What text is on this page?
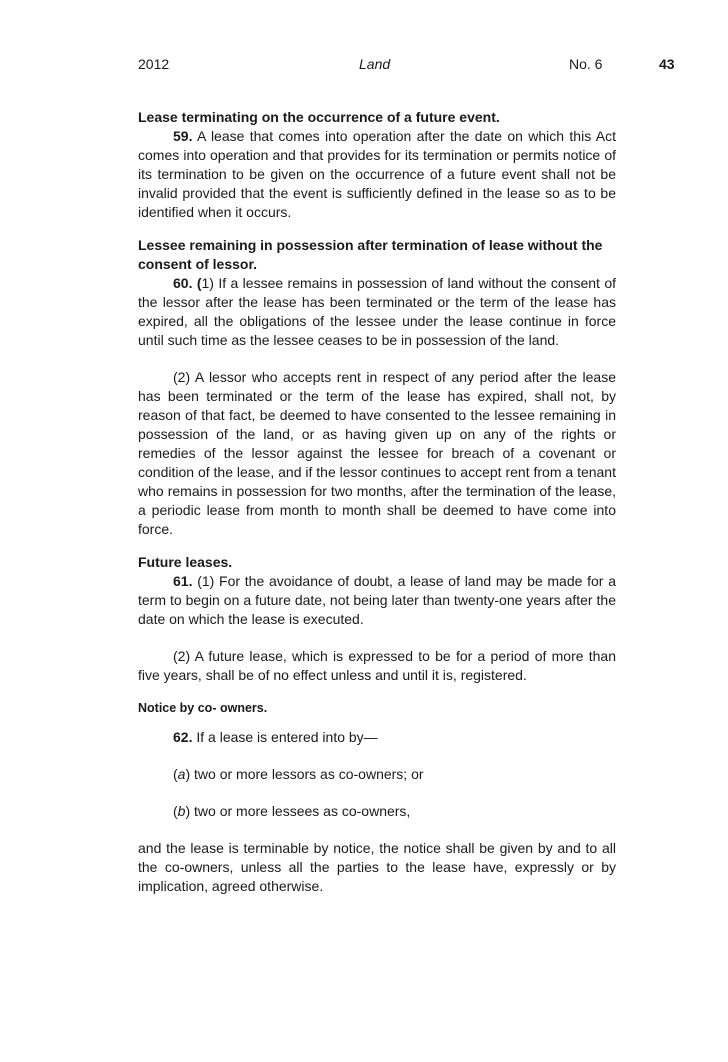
2012	Land	No. 6	43
Lease terminating on the occurrence of a future event.

59. A lease that comes into operation after the date on which this Act comes into operation and that provides for its termination or permits notice of its termination to be given on the occurrence of a future event shall not be invalid provided that the event is sufficiently defined in the lease so as to be identified when it occurs.

Lessee remaining in possession after termination of lease without the consent of lessor.

60. (1) If a lessee remains in possession of land without the consent of the lessor after the lease has been terminated or the term of the lease has expired, all the obligations of the lessee under the lease continue in force until such time as the lessee ceases to be in possession of the land.

(2) A lessor who accepts rent in respect of any period after the lease has been terminated or the term of the lease has expired, shall not, by reason of that fact, be deemed to have consented to the lessee remaining in possession of the land, or as having given up on any of the rights or remedies of the lessor against the lessee for breach of a covenant or condition of the lease, and if the lessor continues to accept rent from a tenant who remains in possession for two months, after the termination of the lease, a periodic lease from month to month shall be deemed to have come into force.

Future leases.

61. (1) For the avoidance of doubt, a lease of land may be made for a term to begin on a future date, not being later than twenty-one years after the date on which the lease is executed.

(2) A future lease, which is expressed to be for a period of more than five years, shall be of no effect unless and until it is, registered.

Notice by co- owners.

62. If a lease is entered into by—

(a) two or more lessors as co-owners; or

(b) two or more lessees as co-owners,

and the lease is terminable by notice, the notice shall be given by and to all the co-owners, unless all the parties to the lease have, expressly or by implication, agreed otherwise.
